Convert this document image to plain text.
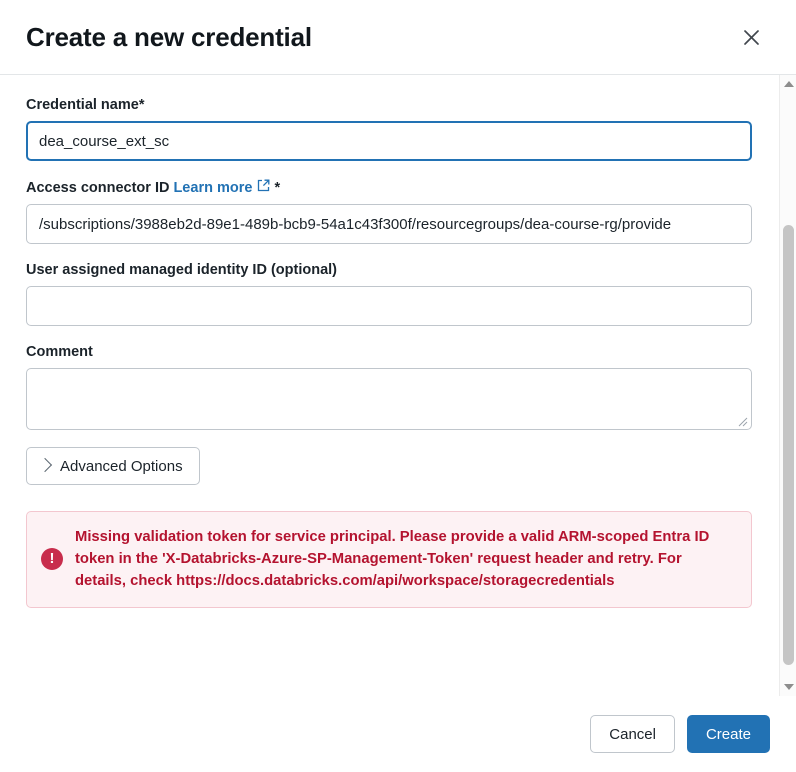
Create a new credential
Credential name*
dea_course_ext_sc
Access connector ID Learn more *
/subscriptions/3988eb2d-89e1-489b-bcb9-54a1c43f300f/resourcegroups/dea-course-rg/provide
User assigned managed identity ID (optional)
Comment
Advanced Options
!
Missing validation token for service principal. Please provide a valid ARM-scoped Entra ID token in the 'X-Databricks-Azure-SP-Management-Token' request header and retry. For details, check https://docs.databricks.com/api/workspace/storagecredentials
Cancel	Create
